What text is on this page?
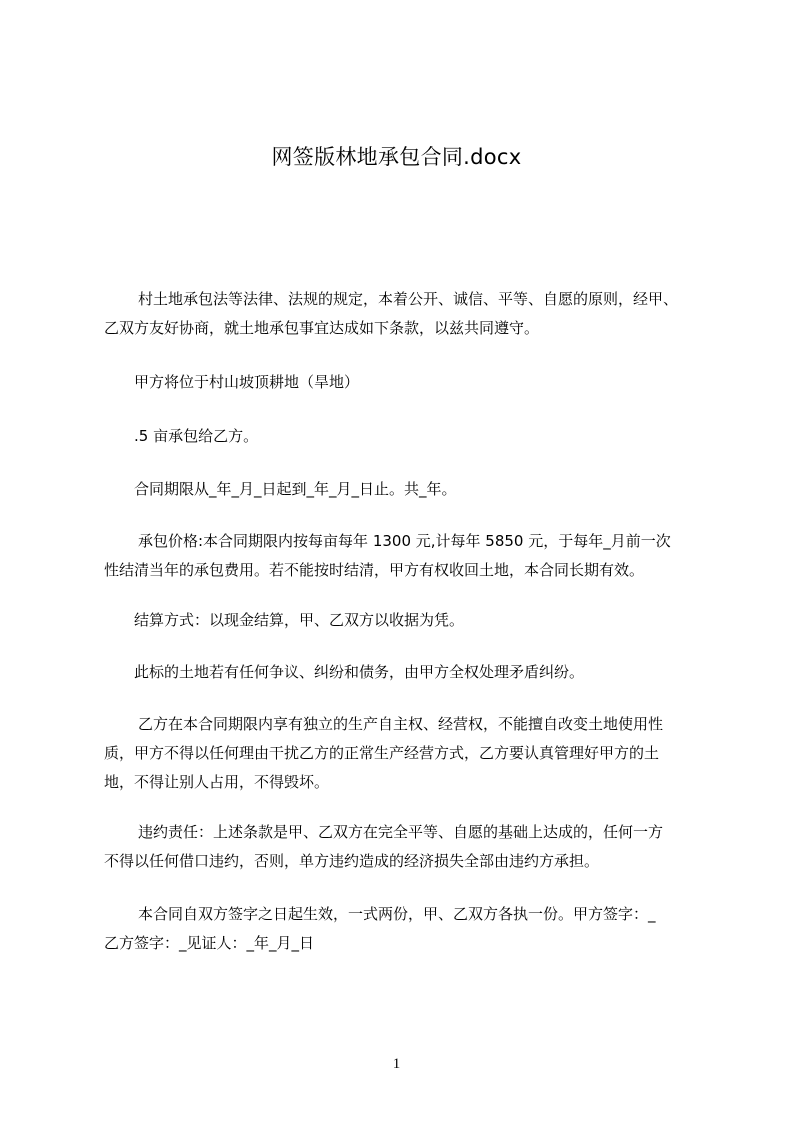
网签版林地承包合同.docx
村土地承包法等法律、法规的规定，本着公开、诚信、平等、自愿的原则，经甲、
乙双方友好协商，就土地承包事宜达成如下条款，以兹共同遵守。
甲方将位于村山坡顶耕地（旱地）
.5 亩承包给乙方。
合同期限从_年_月_日起到_年_月_日止。共_年。
承包价格:本合同期限内按每亩每年 1300 元,计每年 5850 元，于每年_月前一次
性结清当年的承包费用。若不能按时结清，甲方有权收回土地，本合同长期有效。
结算方式：以现金结算，甲、乙双方以收据为凭。
此标的土地若有任何争议、纠纷和债务，由甲方全权处理矛盾纠纷。
乙方在本合同期限内享有独立的生产自主权、经营权，不能擅自改变土地使用性
质，甲方不得以任何理由干扰乙方的正常生产经营方式，乙方要认真管理好甲方的土
地，不得让别人占用，不得毁坏。
违约责任：上述条款是甲、乙双方在完全平等、自愿的基础上达成的，任何一方
不得以任何借口违约，否则，单方违约造成的经济损失全部由违约方承担。
本合同自双方签字之日起生效，一式两份，甲、乙双方各执一份。甲方签字：_
乙方签字：_见证人：_年_月_日
1
